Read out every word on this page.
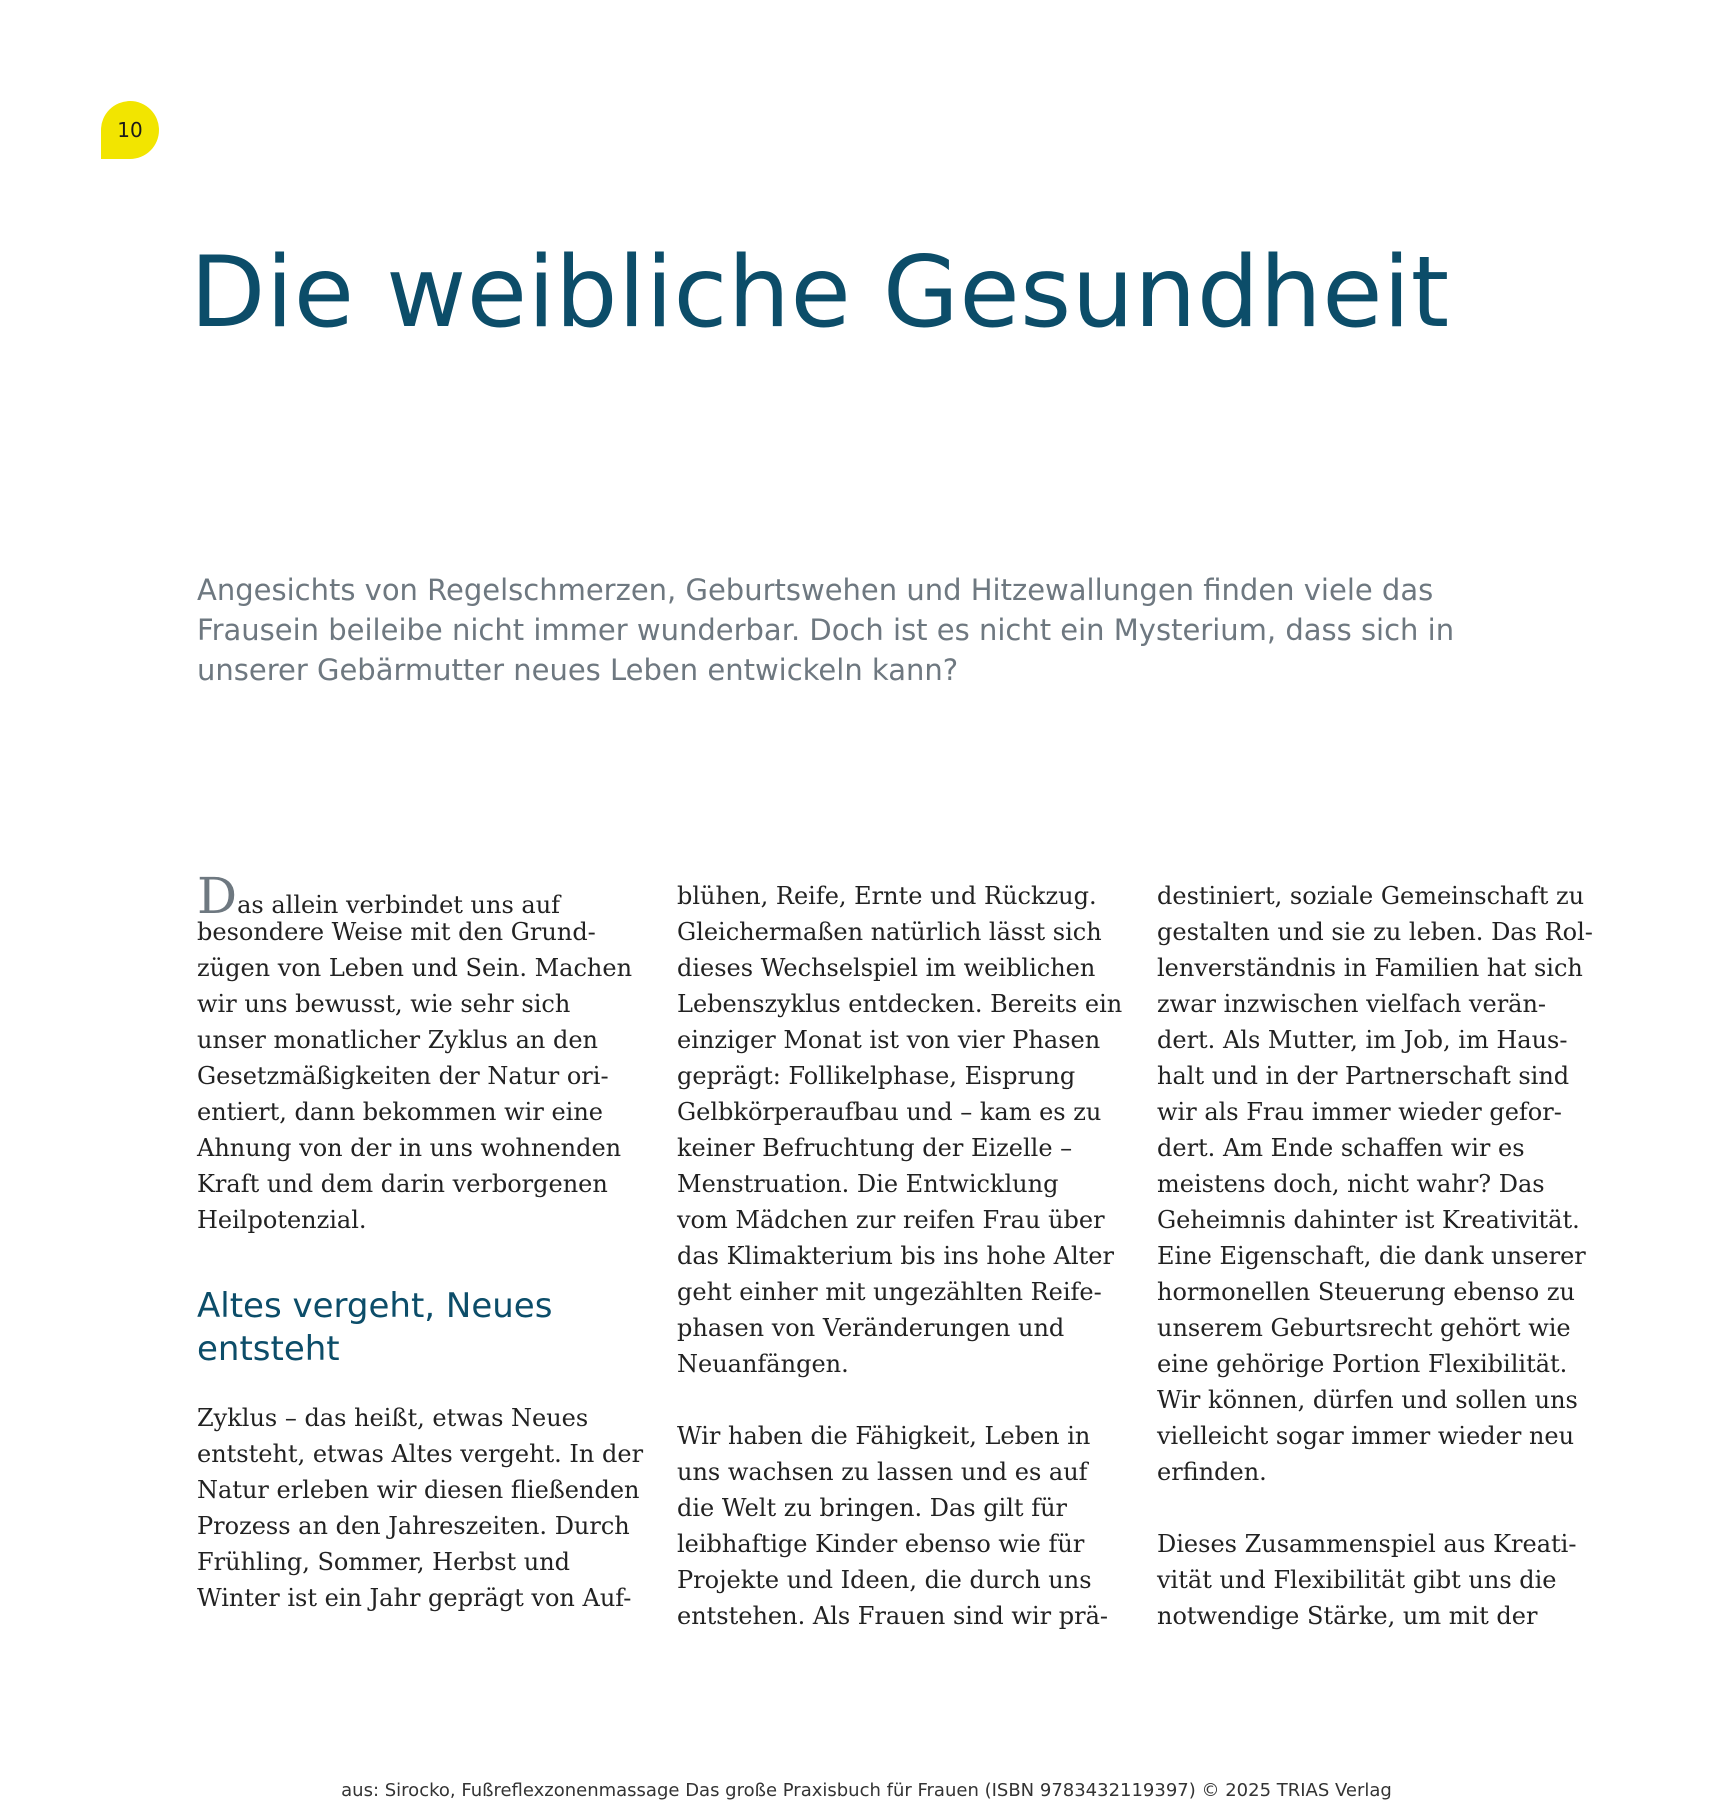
10
Die weibliche Gesundheit
Angesichts von Regelschmerzen, Geburtswehen und Hitzewallungen finden viele das
Frausein beileibe nicht immer wunderbar. Doch ist es nicht ein Mysterium, dass sich in
unserer Gebärmutter neues Leben entwickeln kann?
Das allein verbindet uns auf
besondere Weise mit den Grund-
zügen von Leben und Sein. Machen
wir uns bewusst, wie sehr sich
unser monatlicher Zyklus an den
Gesetzmäßigkeiten der Natur ori-
entiert, dann bekommen wir eine
Ahnung von der in uns wohnenden
Kraft und dem darin verborgenen
Heilpotenzial.
Altes vergeht, Neues
entsteht
Zyklus – das heißt, etwas Neues
entsteht, etwas Altes vergeht. In der
Natur erleben wir diesen fließenden
Prozess an den Jahreszeiten. Durch
Frühling, Sommer, Herbst und
Winter ist ein Jahr geprägt von Auf-
blühen, Reife, Ernte und Rückzug.
Gleichermaßen natürlich lässt sich
dieses Wechselspiel im weiblichen
Lebenszyklus entdecken. Bereits ein
einziger Monat ist von vier Phasen
geprägt: Follikelphase, Eisprung
Gelbkörperaufbau und – kam es zu
keiner Befruchtung der Eizelle –
Menstruation. Die Entwicklung
vom Mädchen zur reifen Frau über
das Klimakterium bis ins hohe Alter
geht einher mit ungezählten Reife-
phasen von Veränderungen und
Neuanfängen.
Wir haben die Fähigkeit, Leben in
uns wachsen zu lassen und es auf
die Welt zu bringen. Das gilt für
leibhaftige Kinder ebenso wie für
Projekte und Ideen, die durch uns
entstehen. Als Frauen sind wir prä-
destiniert, soziale Gemeinschaft zu
gestalten und sie zu leben. Das Rol-
lenverständnis in Familien hat sich
zwar inzwischen vielfach verän-
dert. Als Mutter, im Job, im Haus-
halt und in der Partnerschaft sind
wir als Frau immer wieder gefor-
dert. Am Ende schaffen wir es
meistens doch, nicht wahr? Das
Geheimnis dahinter ist Kreativität.
Eine Eigenschaft, die dank unserer
hormonellen Steuerung ebenso zu
unserem Geburtsrecht gehört wie
eine gehörige Portion Flexibilität.
Wir können, dürfen und sollen uns
vielleicht sogar immer wieder neu
erfinden.
Dieses Zusammenspiel aus Kreati-
vität und Flexibilität gibt uns die
notwendige Stärke, um mit der
aus: Sirocko, Fußreflexzonenmassage Das große Praxisbuch für Frauen (ISBN 9783432119397) © 2025 TRIAS Verlag
